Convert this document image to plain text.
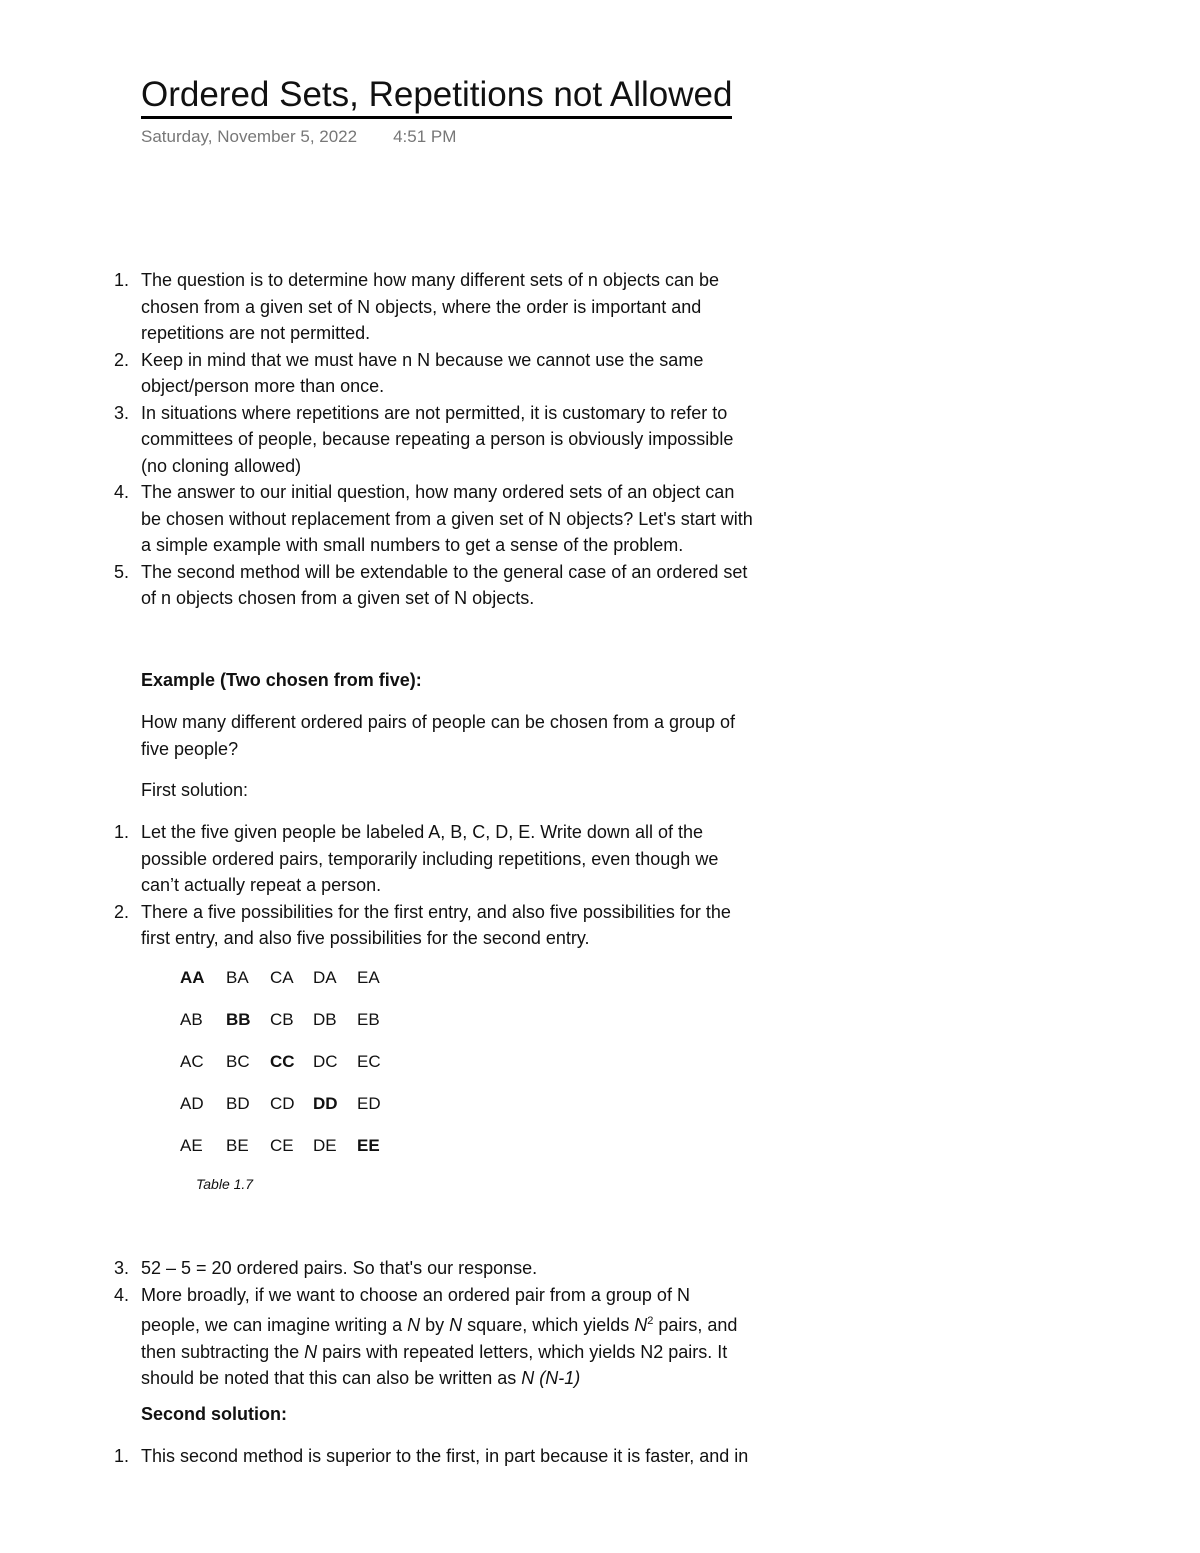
Ordered Sets, Repetitions not Allowed
Saturday, November 5, 2022 4:51 PM
1. The question is to determine how many different sets of n objects can be
chosen from a given set of N objects, where the order is important and
repetitions are not permitted.
2. Keep in mind that we must have n N because we cannot use the same
object/person more than once.
3. In situations where repetitions are not permitted, it is customary to refer to
committees of people, because repeating a person is obviously impossible
(no cloning allowed)
4. The answer to our initial question, how many ordered sets of an object can
be chosen without replacement from a given set of N objects? Let's start with
a simple example with small numbers to get a sense of the problem.
5. The second method will be extendable to the general case of an ordered set
of n objects chosen from a given set of N objects.
Example (Two chosen from five):
How many different ordered pairs of people can be chosen from a group of
five people?
First solution:
1. Let the five given people be labeled A, B, C, D, E. Write down all of the
possible ordered pairs, temporarily including repetitions, even though we
can’t actually repeat a person.
2. There a five possibilities for the first entry, and also five possibilities for the
first entry, and also five possibilities for the second entry.
AA BA CA DA EA
AB BB CB DB EB
AC BC CC DC EC
AD BD CD DD ED
AE BE CE DE EE
Table 1.7
3. 52 – 5 = 20 ordered pairs. So that's our response.
4. More broadly, if we want to choose an ordered pair from a group of N
people, we can imagine writing a N by N square, which yields $N^2$ pairs, and
then subtracting the N pairs with repeated letters, which yields N2 pairs. It
should be noted that this can also be written as N (N-1)
Second solution:
1. This second method is superior to the first, in part because it is faster, and in
